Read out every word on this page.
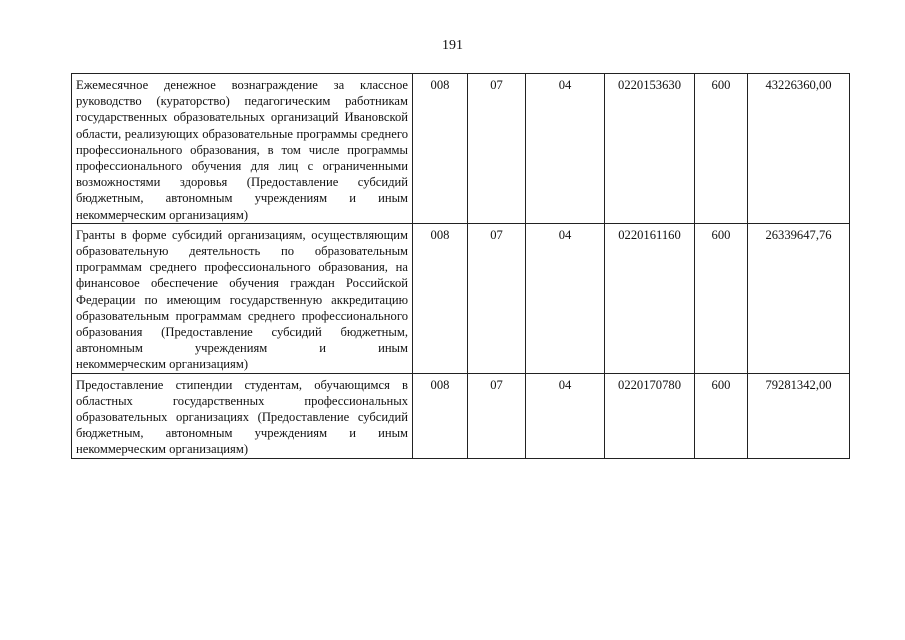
191
Ежемесячное денежное вознаграждение за классное руководство (кураторство) педагогическим работникам государственных образовательных организаций Ивановской области, реализующих образовательные программы среднего профессионального образования, в том числе программы профессионального обучения для лиц с ограниченными возможностями здоровья (Предоставление субсидий бюджетным, автономным учреждениям и иным
некоммерческим организациям)	008	07	04	0220153630	600	43226360,00
Гранты в форме субсидий организациям, осуществляющим образовательную деятельность по образовательным программам среднего профессионального образования, на финансовое обеспечение обучения граждан Российской Федерации по имеющим государственную аккредитацию образовательным программам среднего профессионального образования (Предоставление субсидий бюджетным, автономным учреждениям и иным
некоммерческим организациям)	008	07	04	0220161160	600	26339647,76
Предоставление стипендии студентам, обучающимся в областных государственных профессиональных образовательных организациях (Предоставление субсидий бюджетным, автономным учреждениям и иным
некоммерческим организациям)	008	07	04	0220170780	600	79281342,00
